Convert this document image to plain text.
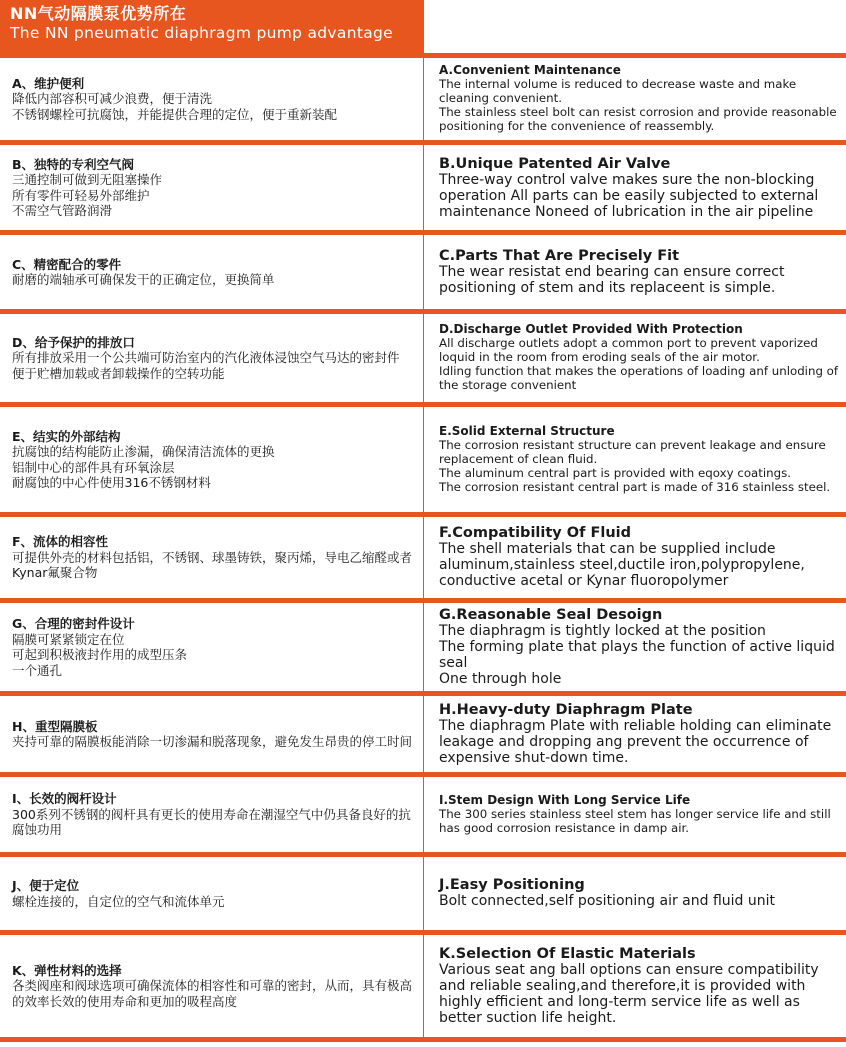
NN气动隔膜泵优势所在
The NN pneumatic diaphragm pump advantage
A、维护便利
降低内部容积可减少浪费，便于清洗
不锈钢螺栓可抗腐蚀，并能提供合理的定位，便于重新装配
A.Convenient Maintenance
The internal volume is reduced to decrease waste and make cleaning convenient.
The stainless steel bolt can resist corrosion and provide reasonable positioning for the convenience of reassembly.
B、独特的专利空气阀
三通控制可做到无阻塞操作
所有零件可轻易外部维护
不需空气管路润滑
B.Unique Patented Air Valve
Three-way control valve makes sure the non-blocking operation All parts can be easily subjected to external maintenance Noneed of lubrication in the air pipeline
C、精密配合的零件
耐磨的端轴承可确保发干的正确定位，更换简单
C.Parts That Are Precisely Fit
The wear resistat end bearing can ensure correct positioning of stem and its replaceent is simple.
D、给予保护的排放口
所有排放采用一个公共端可防治室内的汽化液体浸蚀空气马达的密封件
便于贮槽加载或者卸载操作的空转功能
D.Discharge Outlet Provided With Protection
All discharge outlets adopt a common port to prevent vaporized loquid in the room from eroding seals of the air motor.
Idling function that makes the operations of loading anf unloding of the storage convenient
E、结实的外部结构
抗腐蚀的结构能防止渗漏，确保清洁流体的更换
铝制中心的部件具有环氧涂层
耐腐蚀的中心件使用316不锈钢材料
E.Solid External Structure
The corrosion resistant structure can prevent leakage and ensure replacement of clean fluid.
The aluminum central part is provided with eqoxy coatings.
The corrosion resistant central part is made of 316 stainless steel.
F、流体的相容性
可提供外壳的材料包括铝，不锈钢、球墨铸铁，聚丙烯，导电乙缩醛或者Kynar氟聚合物
F.Compatibility Of Fluid
The shell materials that can be supplied include aluminum,stainless steel,ductile iron,polypropylene, conductive acetal or Kynar fluoropolymer
G、合理的密封件设计
隔膜可紧紧锁定在位
可起到积极液封作用的成型压条
一个通孔
G.Reasonable Seal Desoign
The diaphragm is tightly locked at the position
The forming plate that plays the function of active liquid seal
One through hole
H、重型隔膜板
夹持可靠的隔膜板能消除一切渗漏和脱落现象，避免发生昂贵的停工时间
H.Heavy-duty Diaphragm Plate
The diaphragm Plate with reliable holding can eliminate leakage and dropping ang prevent the occurrence of expensive shut-down time.
I、长效的阀杆设计
300系列不锈钢的阀杆具有更长的使用寿命在潮湿空气中仍具备良好的抗腐蚀功用
I.Stem Design With Long Service Life
The 300 series stainless steel stem has longer service life and still has good corrosion resistance in damp air.
J、便于定位
螺栓连接的，自定位的空气和流体单元
J.Easy Positioning
Bolt connected,self positioning air and fluid unit
K、弹性材料的选择
各类阀座和阀球选项可确保流体的相容性和可靠的密封，从而，具有极高的效率长效的使用寿命和更加的吸程高度
K.Selection Of Elastic Materials
Various seat ang ball options can ensure compatibility and reliable sealing,and therefore,it is provided with highly efficient and long-term service life as well as better suction life height.
